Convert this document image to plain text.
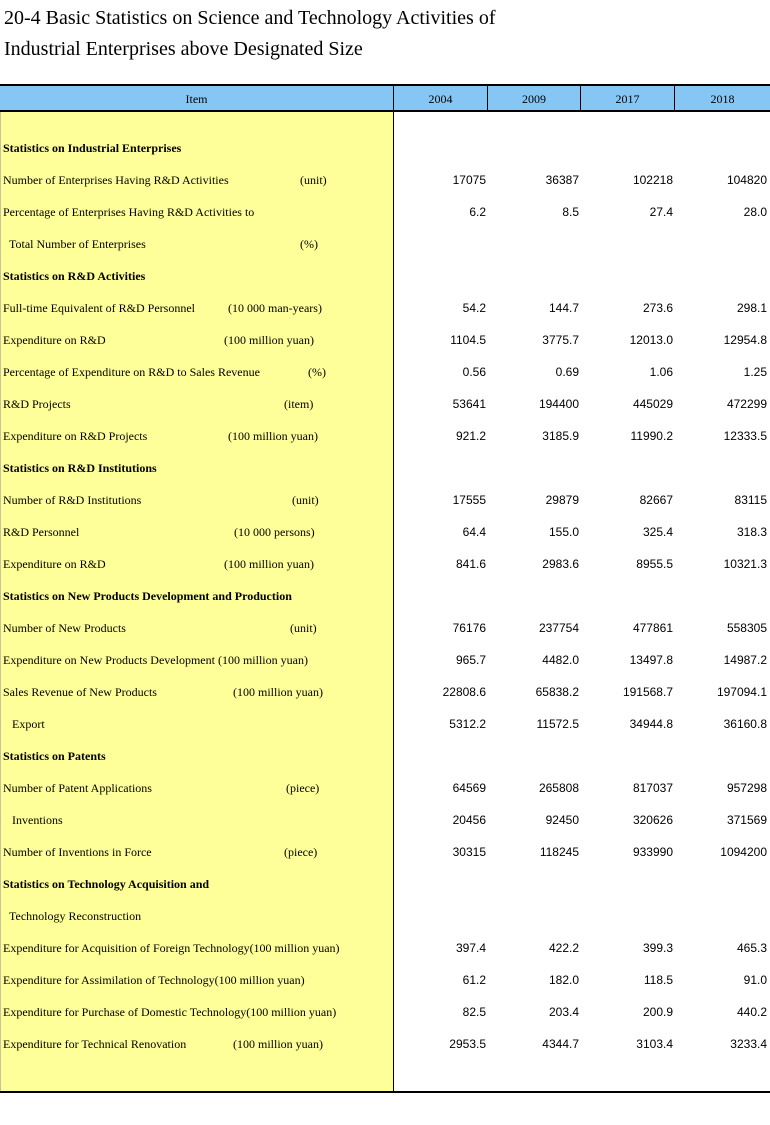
20-4 Basic Statistics on Science and Technology Activities of
Industrial Enterprises above Designated Size
Item	2004	2009	2017	2018
Statistics on Industrial Enterprises
Number of Enterprises Having R&D Activities	(unit)	17075	36387	102218	104820
Percentage of Enterprises Having R&D Activities to	6.2	8.5	27.4	28.0
Total Number of Enterprises	(%)
Statistics on R&D Activities
Full-time Equivalent of R&D Personnel	(10 000 man-years)	54.2	144.7	273.6	298.1
Expenditure on R&D	(100 million yuan)	1104.5	3775.7	12013.0	12954.8
Percentage of Expenditure on R&D to Sales Revenue	(%)	0.56	0.69	1.06	1.25
R&D Projects	(item)	53641	194400	445029	472299
Expenditure on R&D Projects	(100 million yuan)	921.2	3185.9	11990.2	12333.5
Statistics on R&D Institutions
Number of R&D Institutions	(unit)	17555	29879	82667	83115
R&D Personnel	(10 000 persons)	64.4	155.0	325.4	318.3
Expenditure on R&D	(100 million yuan)	841.6	2983.6	8955.5	10321.3
Statistics on New Products Development and Production
Number of New Products	(unit)	76176	237754	477861	558305
Expenditure on New Products Development (100 million yuan)	965.7	4482.0	13497.8	14987.2
Sales Revenue of New Products	(100 million yuan)	22808.6	65838.2	191568.7	197094.1
Export	5312.2	11572.5	34944.8	36160.8
Statistics on Patents
Number of Patent Applications	(piece)	64569	265808	817037	957298
Inventions	20456	92450	320626	371569
Number of Inventions in Force	(piece)	30315	118245	933990	1094200
Statistics on Technology Acquisition and
Technology Reconstruction
Expenditure for Acquisition of Foreign Technology(100 million yuan)	397.4	422.2	399.3	465.3
Expenditure for Assimilation of Technology(100 million yuan)	61.2	182.0	118.5	91.0
Expenditure for Purchase of Domestic Technology(100 million yuan)	82.5	203.4	200.9	440.2
Expenditure for Technical Renovation	(100 million yuan)	2953.5	4344.7	3103.4	3233.4
